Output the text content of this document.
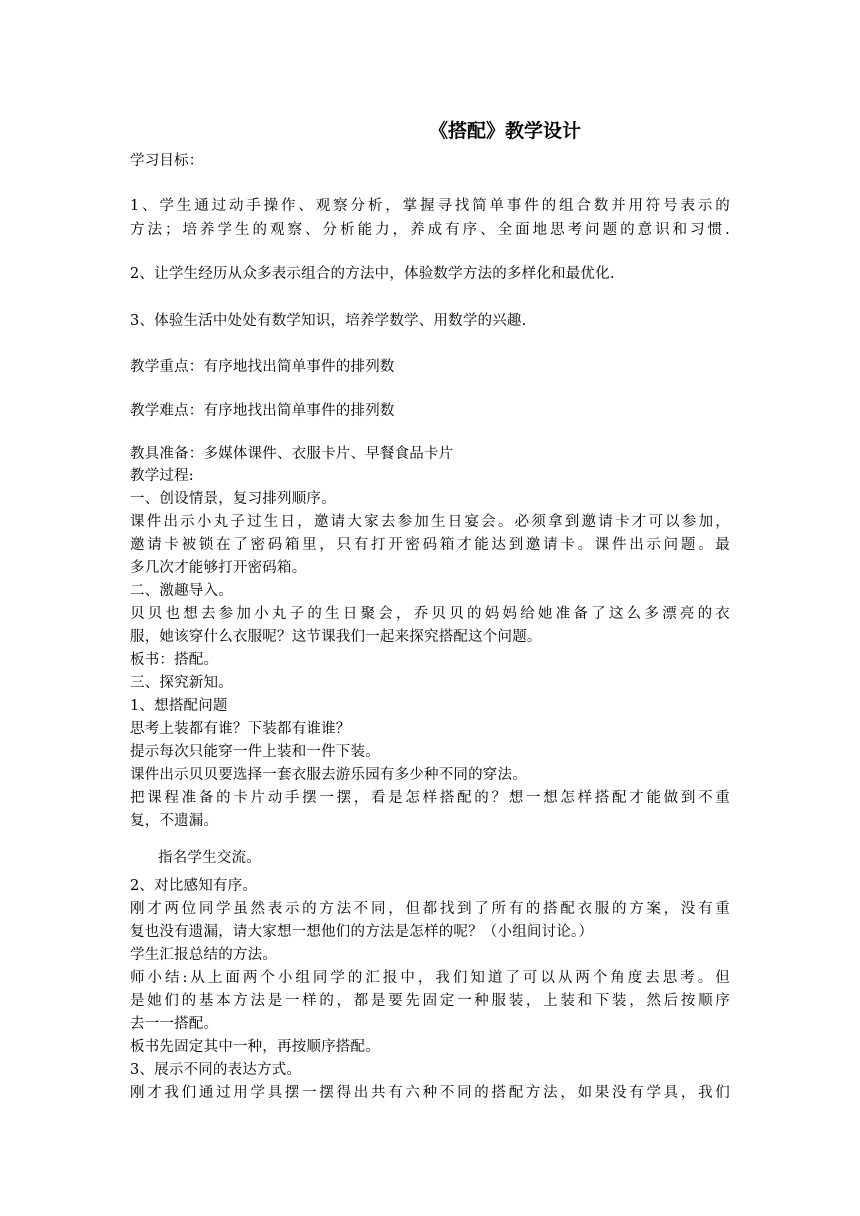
《搭配》教学设计
学习目标：
1、学生通过动手操作、观察分析，掌握寻找简单事件的组合数并用符号表示的
方法；培养学生的观察、分析能力，养成有序、全面地思考问题的意识和习惯.
2、让学生经历从众多表示组合的方法中，体验数学方法的多样化和最优化.
3、体验生活中处处有数学知识，培养学数学、用数学的兴趣.
教学重点：有序地找出简单事件的排列数
教学难点：有序地找出简单事件的排列数
教具准备：多媒体课件、衣服卡片、早餐食品卡片
教学过程:
一、创设情景，复习排列顺序。
课件出示小丸子过生日，邀请大家去参加生日宴会。必须拿到邀请卡才可以参加，
邀请卡被锁在了密码箱里，只有打开密码箱才能达到邀请卡。课件出示问题。最
多几次才能够打开密码箱。
二、激趣导入。
贝贝也想去参加小丸子的生日聚会，乔贝贝的妈妈给她准备了这么多漂亮的衣
服，她该穿什么衣服呢？这节课我们一起来探究搭配这个问题。
板书：搭配。
三、探究新知。
1、想搭配问题
思考上装都有谁？下装都有谁谁？
提示每次只能穿一件上装和一件下装。
课件出示贝贝要选择一套衣服去游乐园有多少种不同的穿法。
把课程准备的卡片动手摆一摆，看是怎样搭配的？想一想怎样搭配才能做到不重
复，不遗漏。
指名学生交流。
2、对比感知有序。
刚才两位同学虽然表示的方法不同，但都找到了所有的搭配衣服的方案，没有重
复也没有遗漏，请大家想一想他们的方法是怎样的呢？（小组间讨论。）
学生汇报总结的方法。
师小结:从上面两个小组同学的汇报中，我们知道了可以从两个角度去思考。但
是她们的基本方法是一样的，都是要先固定一种服装，上装和下装，然后按顺序
去一一搭配。
板书先固定其中一种，再按顺序搭配。
3、展示不同的表达方式。
刚才我们通过用学具摆一摆得出共有六种不同的搭配方法，如果没有学具，我们
